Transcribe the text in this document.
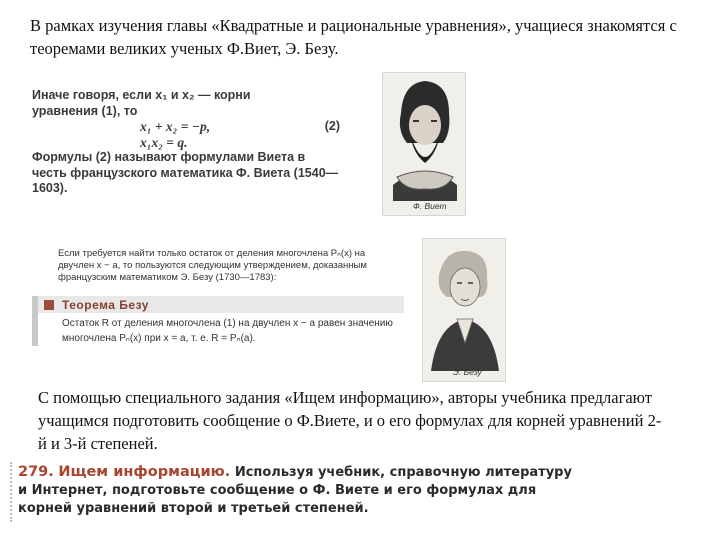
В рамках изучения главы «Квадратные и рациональные уравнения», учащиеся знакомятся с теоремами великих ученых Ф.Виет, Э. Безу.
Иначе говоря, если x₁ и x₂ — корни
уравнения (1), то
x₁ + x₂ = −p,	(2)
x₁x₂ = q.
Формулы (2) называют формулами Виета в честь французского математика Ф. Виета (1540—1603).
Ф. Виет
Если требуется найти только остаток от деления многочлена Pₙ(x) на двучлен x − a, то пользуются следующим утверждением, доказанным французским математиком Э. Безу (1730—1783):
Теорема Безу
Остаток R от деления многочлена (1) на двучлен x − a равен значению многочлена Pₙ(x) при x = a, т. е. R = Pₙ(a).
Э. Безу
С помощью специального задания «Ищем информацию», авторы учебника предлагают учащимся подготовить сообщение о Ф.Виете, и о его формулах для корней уравнений 2-й и 3-й степеней.
279. Ищем информацию. Используя учебник, справочную литературу и Интернет, подготовьте сообщение о Ф. Виете и его формулах для корней уравнений второй и третьей степеней.
